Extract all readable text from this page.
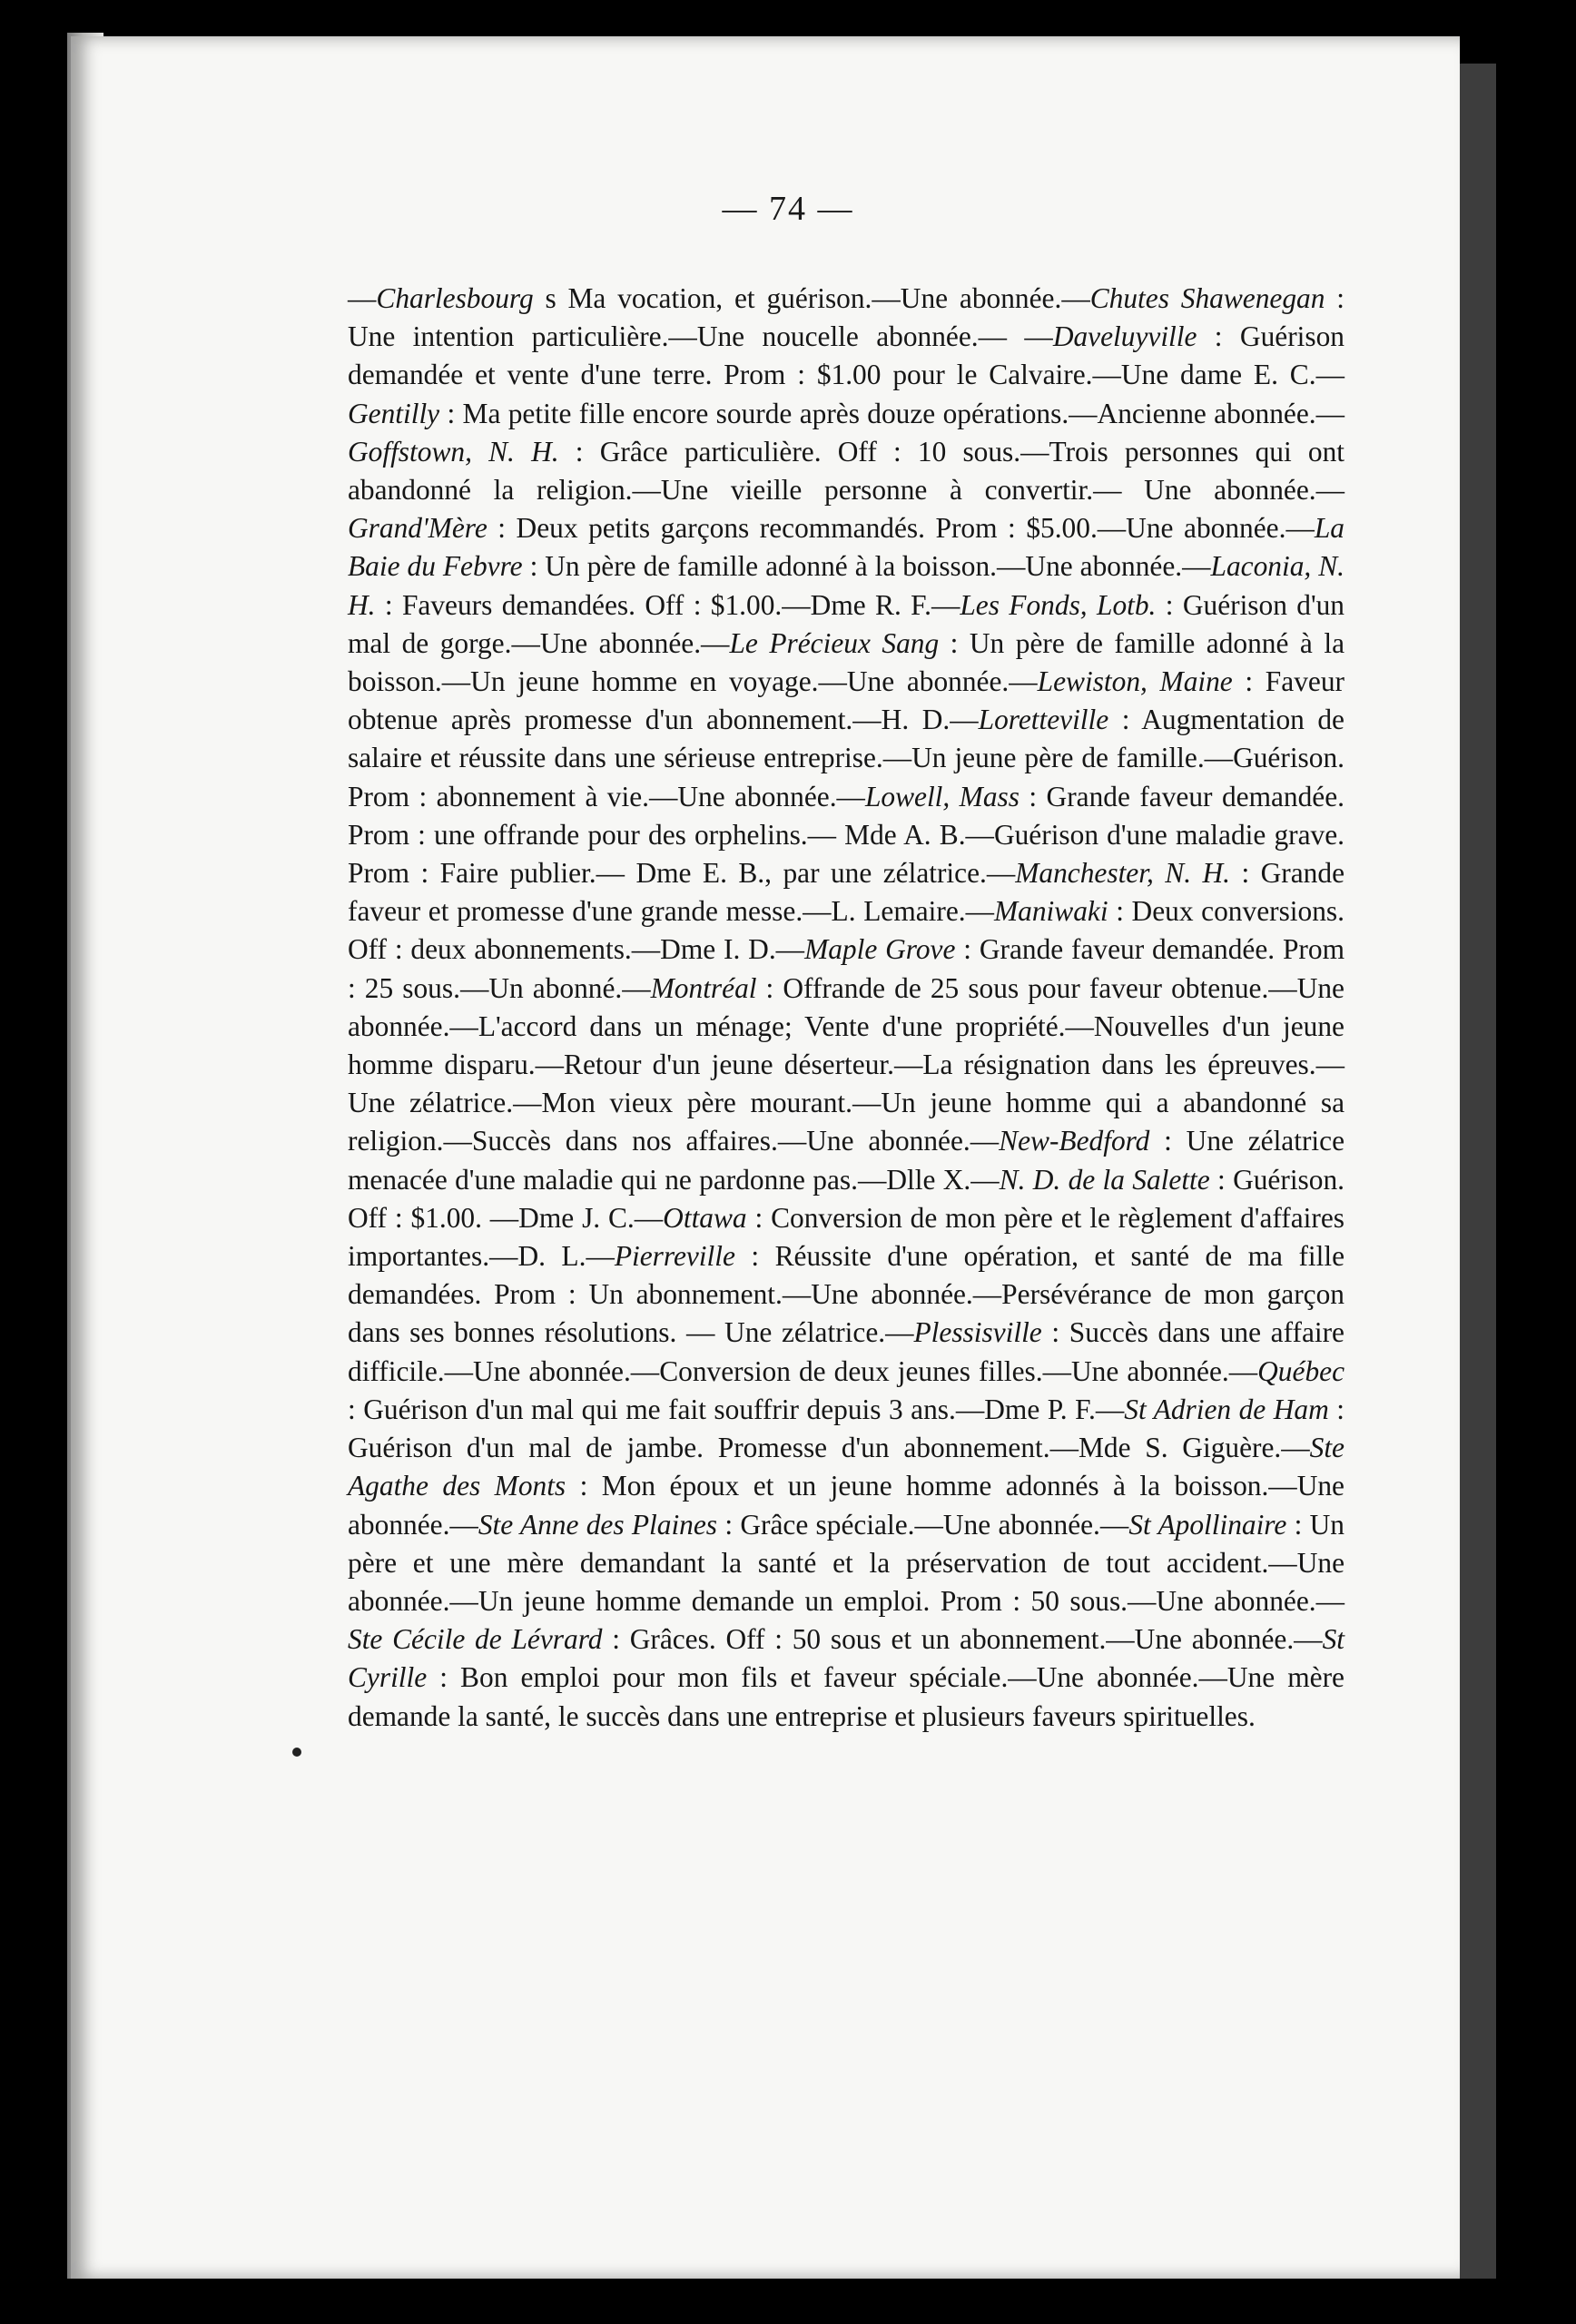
— 74 —
—Charlesbourg s Ma vocation, et guérison.—Une abonnée.—Chutes Shawenegan : Une intention particulière.—Une noucelle abonnée.— —Daveluyville : Guérison demandée et vente d'une terre. Prom : $1.00 pour le Calvaire.—Une dame E. C.—Gentilly : Ma petite fille encore sourde après douze opérations.—Ancienne abonnée.—Goffstown, N. H. : Grâce particulière. Off : 10 sous.—Trois personnes qui ont abandonné la religion.—Une vieille personne à convertir.— Une abonnée.—Grand'Mère : Deux petits garçons recommandés. Prom : $5.00.—Une abonnée.—La Baie du Febvre : Un père de famille adonné à la boisson.—Une abonnée.—Laconia, N. H. : Faveurs demandées. Off : $1.00.—Dme R. F.—Les Fonds, Lotb. : Guérison d'un mal de gorge.—Une abonnée.—Le Précieux Sang : Un père de famille adonné à la boisson.—Un jeune homme en voyage.—Une abonnée.—Lewiston, Maine : Faveur obtenue après promesse d'un abonnement.—H. D.—Loretteville : Augmentation de salaire et réussite dans une sérieuse entreprise.—Un jeune père de famille.—Guérison. Prom : abonnement à vie.—Une abonnée.—Lowell, Mass : Grande faveur demandée. Prom : une offrande pour des orphelins.— Mde A. B.—Guérison d'une maladie grave. Prom : Faire publier.— Dme E. B., par une zélatrice.—Manchester, N. H. : Grande faveur et promesse d'une grande messe.—L. Lemaire.—Maniwaki : Deux conversions. Off : deux abonnements.—Dme I. D.—Maple Grove : Grande faveur demandée. Prom : 25 sous.—Un abonné.—Montréal : Offrande de 25 sous pour faveur obtenue.—Une abonnée.—L'accord dans un ménage; Vente d'une propriété.—Nouvelles d'un jeune homme disparu.—Retour d'un jeune déserteur.—La résignation dans les épreuves.—Une zélatrice.—Mon vieux père mourant.—Un jeune homme qui a abandonné sa religion.—Succès dans nos affaires.—Une abonnée.—New-Bedford : Une zélatrice menacée d'une maladie qui ne pardonne pas.—Dlle X.—N. D. de la Salette : Guérison. Off : $1.00. —Dme J. C.—Ottawa : Conversion de mon père et le règlement d'affaires importantes.—D. L.—Pierreville : Réussite d'une opération, et santé de ma fille demandées. Prom : Un abonnement.—Une abonnée.—Persévérance de mon garçon dans ses bonnes résolutions. — Une zélatrice.—Plessisville : Succès dans une affaire difficile.—Une abonnée.—Conversion de deux jeunes filles.—Une abonnée.—Québec : Guérison d'un mal qui me fait souffrir depuis 3 ans.—Dme P. F.—St Adrien de Ham : Guérison d'un mal de jambe. Promesse d'un abonnement.—Mde S. Giguère.—Ste Agathe des Monts : Mon époux et un jeune homme adonnés à la boisson.—Une abonnée.—Ste Anne des Plaines : Grâce spéciale.—Une abonnée.—St Apollinaire : Un père et une mère demandant la santé et la préservation de tout accident.—Une abonnée.—Un jeune homme demande un emploi. Prom : 50 sous.—Une abonnée.—Ste Cécile de Lévrard : Grâces. Off : 50 sous et un abonnement.—Une abonnée.—St Cyrille : Bon emploi pour mon fils et faveur spéciale.—Une abonnée.—Une mère demande la santé, le succès dans une entreprise et plusieurs faveurs spirituelles.
